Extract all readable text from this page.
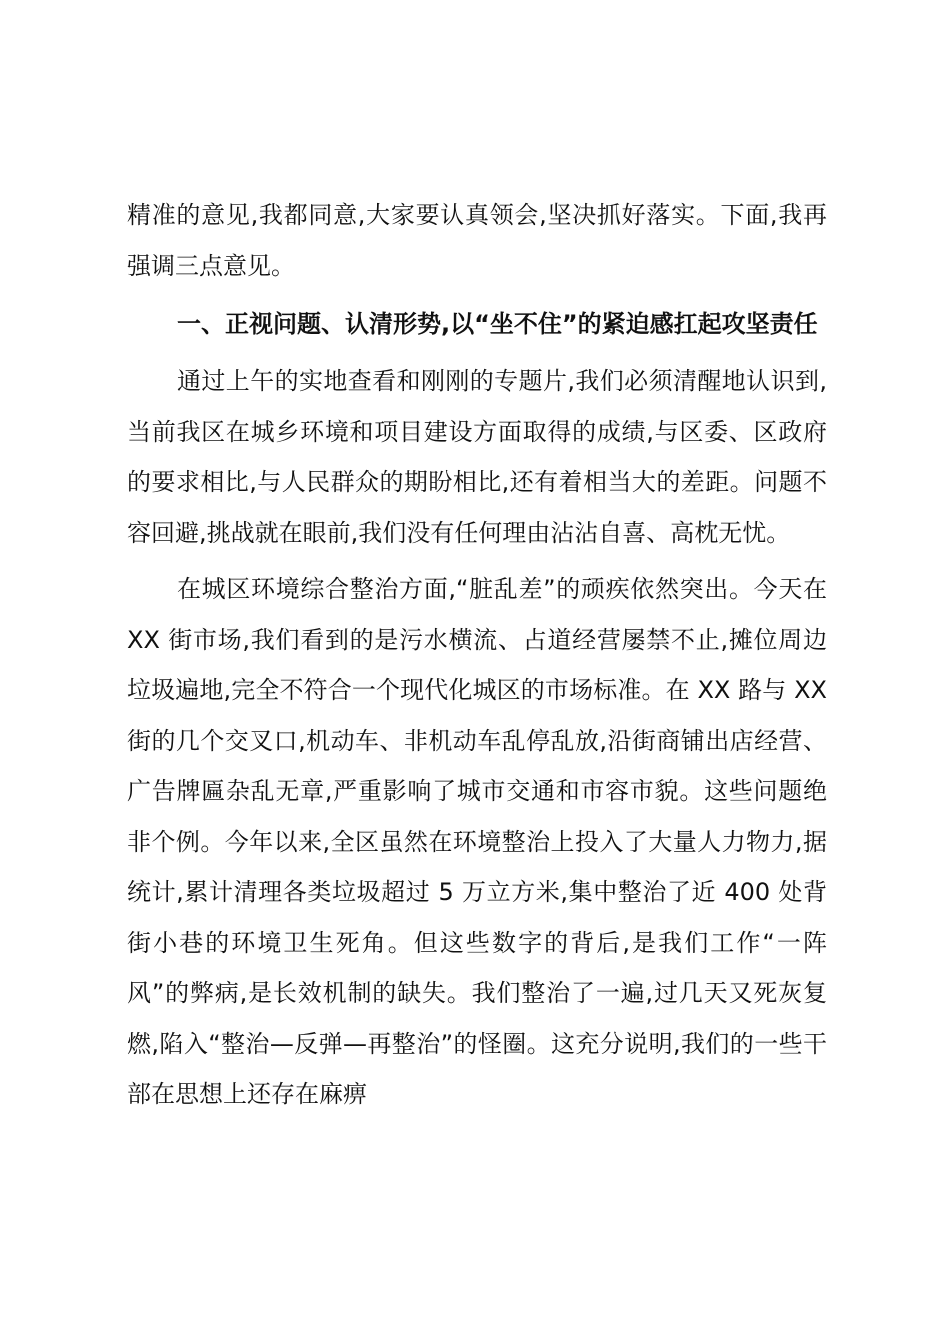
精准的意见,我都同意,大家要认真领会,坚决抓好落实。下面,我再强调三点意见。

一、正视问题、认清形势,以“坐不住”的紧迫感扛起攻坚责任

通过上午的实地查看和刚刚的专题片,我们必须清醒地认识到,当前我区在城乡环境和项目建设方面取得的成绩,与区委、区政府的要求相比,与人民群众的期盼相比,还有着相当大的差距。问题不容回避,挑战就在眼前,我们没有任何理由沾沾自喜、高枕无忧。

在城区环境综合整治方面,“脏乱差”的顽疾依然突出。今天在 XX 街市场,我们看到的是污水横流、占道经营屡禁不止,摊位周边垃圾遍地,完全不符合一个现代化城区的市场标准。在 XX 路与 XX 街的几个交叉口,机动车、非机动车乱停乱放,沿街商铺出店经营、广告牌匾杂乱无章,严重影响了城市交通和市容市貌。这些问题绝非个例。今年以来,全区虽然在环境整治上投入了大量人力物力,据统计,累计清理各类垃圾超过 5 万立方米,集中整治了近 400 处背街小巷的环境卫生死角。但这些数字的背后,是我们工作“一阵风”的弊病,是长效机制的缺失。我们整治了一遍,过几天又死灰复燃,陷入“整治—反弹—再整治”的怪圈。这充分说明,我们的一些干部在思想上还存在麻痹
